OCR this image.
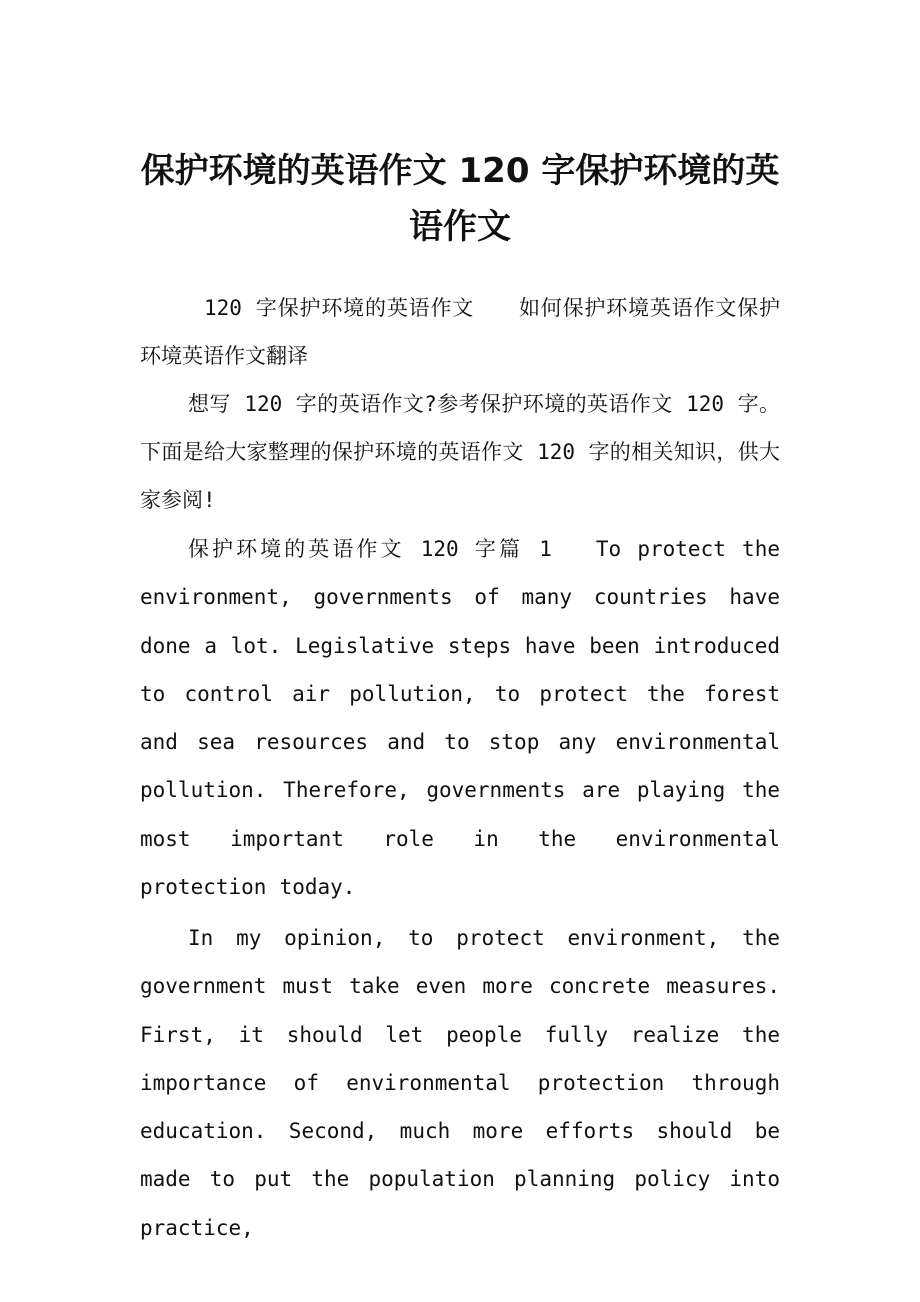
保护环境的英语作文 120 字保护环境的英语作文

120 字保护环境的英语作文 如何保护环境英语作文保护环境英语作文翻译

想写 120 字的英语作文?参考保护环境的英语作文 120 字。下面是给大家整理的保护环境的英语作文 120 字的相关知识，供大家参阅!

保护环境的英语作文 120 字篇 1 To protect the environment, governments of many countries have done a lot. Legislative steps have been introduced to control air pollution, to protect the forest and sea resources and to stop any environmental pollution. Therefore, governments are playing the most important role in the environmental protection today.

In my opinion, to protect environment, the government must take even more concrete measures. First, it should let people fully realize the importance of environmental protection through education. Second, much more efforts should be made to put the population planning policy into practice,
